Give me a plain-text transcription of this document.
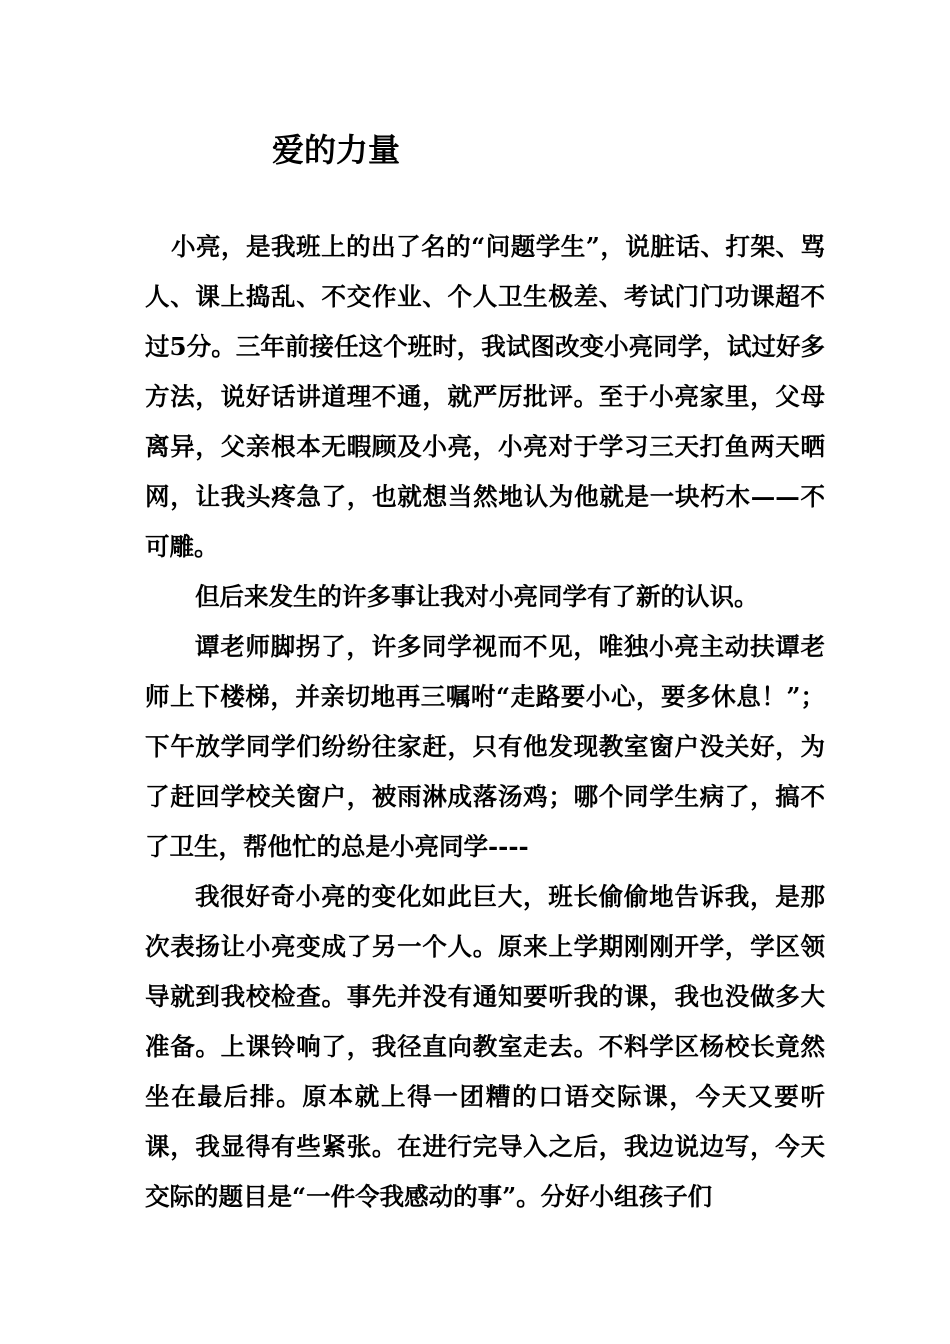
爱的力量

小亮，是我班上的出了名的“问题学生”，说脏话、打架、骂人、课上捣乱、不交作业、个人卫生极差、考试门门功课超不过5分。三年前接任这个班时，我试图改变小亮同学，试过好多方法，说好话讲道理不通，就严厉批评。至于小亮家里，父母离异，父亲根本无暇顾及小亮，小亮对于学习三天打鱼两天晒网，让我头疼急了，也就想当然地认为他就是一块朽木——不可雕。

但后来发生的许多事让我对小亮同学有了新的认识。

谭老师脚拐了，许多同学视而不见，唯独小亮主动扶谭老师上下楼梯，并亲切地再三嘱咐“走路要小心，要多休息！”；下午放学同学们纷纷往家赶，只有他发现教室窗户没关好，为了赶回学校关窗户，被雨淋成落汤鸡；哪个同学生病了，搞不了卫生，帮他忙的总是小亮同学----

我很好奇小亮的变化如此巨大，班长偷偷地告诉我，是那次表扬让小亮变成了另一个人。原来上学期刚刚开学，学区领导就到我校检查。事先并没有通知要听我的课，我也没做多大准备。上课铃响了，我径直向教室走去。不料学区杨校长竟然坐在最后排。原本就上得一团糟的口语交际课，今天又要听课，我显得有些紧张。在进行完导入之后，我边说边写，今天交际的题目是“一件令我感动的事”。分好小组孩子们
